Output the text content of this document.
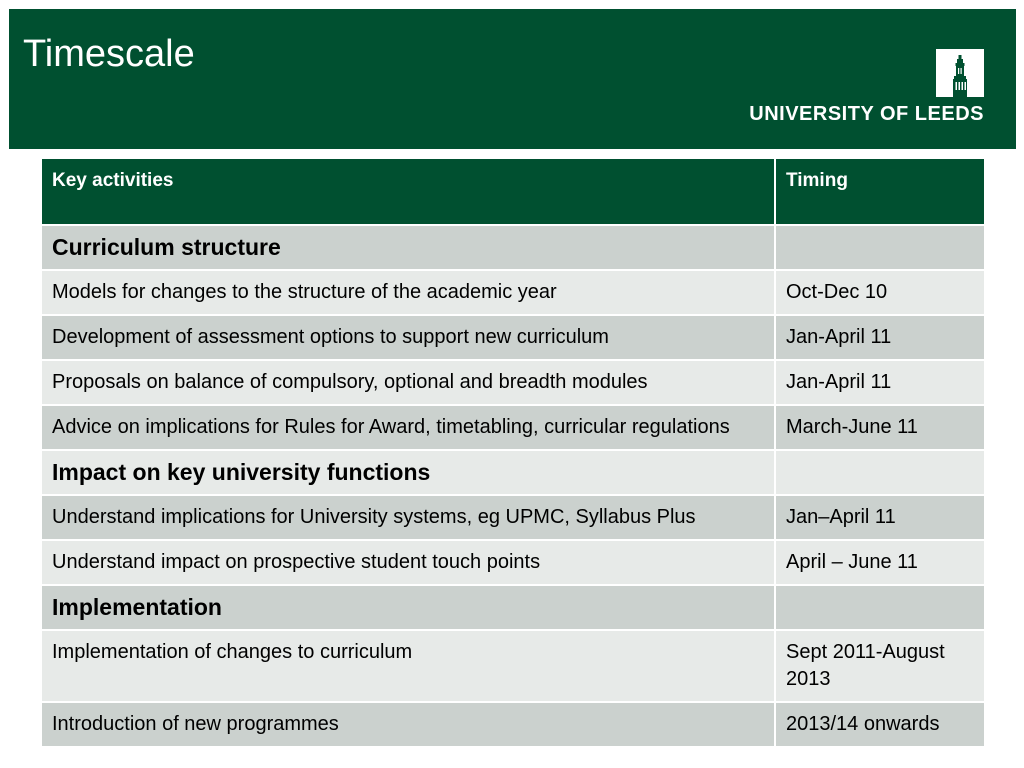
Timescale
UNIVERSITY OF LEEDS
Key activities	Timing
Curriculum structure	
Models for changes to the structure of the academic year	Oct-Dec 10
Development of assessment options to support new curriculum	Jan-April 11
Proposals on balance of compulsory, optional and breadth modules	Jan-April 11
Advice on implications for Rules for Award, timetabling, curricular regulations	March-June 11
Impact on key university functions	
Understand implications for University systems, eg UPMC, Syllabus Plus	Jan–April 11
Understand impact on prospective student touch points	April – June 11
Implementation	
Implementation of changes to curriculum	Sept 2011-August 2013
Introduction of new programmes	2013/14 onwards
